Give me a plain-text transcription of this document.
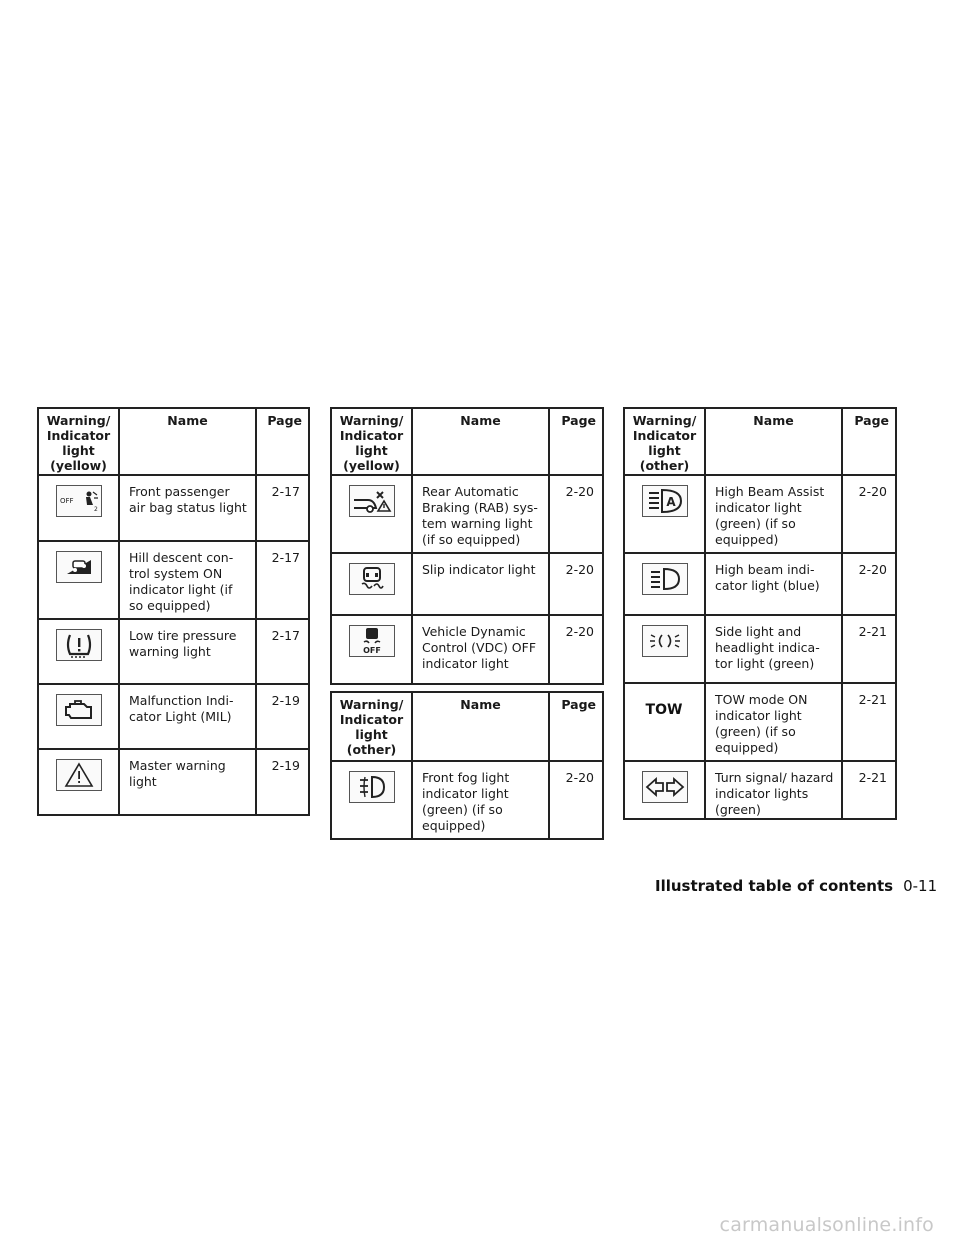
Warning/ Indicator light (yellow)	Name	Page

OFF
2	Front passenger air bag status light	2-17

	Hill descent con- trol system ON indicator light (if so equipped)	2-17

	Low tire pressure warning light	2-17

	Malfunction Indi- cator Light (MIL)	2-19

	Master warning light	2-19
Warning/ Indicator light (yellow)	Name	Page

	Rear Automatic Braking (RAB) sys- tem warning light (if so equipped)	2-20

	Slip indicator light	2-20

OFF	Vehicle Dynamic Control (VDC) OFF indicator light	2-20
Warning/ Indicator light (other)	Name	Page

	Front fog light indicator light (green) (if so equipped)	2-20
Warning/ Indicator light (other)	Name	Page

A	High Beam Assist indicator light (green) (if so equipped)	2-20

	High beam indi- cator light (blue)	2-20

	Side light and headlight indica- tor light (green)	2-21

TOW	TOW mode ON indicator light (green) (if so equipped)	2-21

	Turn signal/ hazard indicator lights (green)	2-21
Illustrated table of contents 0-11
carmanualsonline.info
